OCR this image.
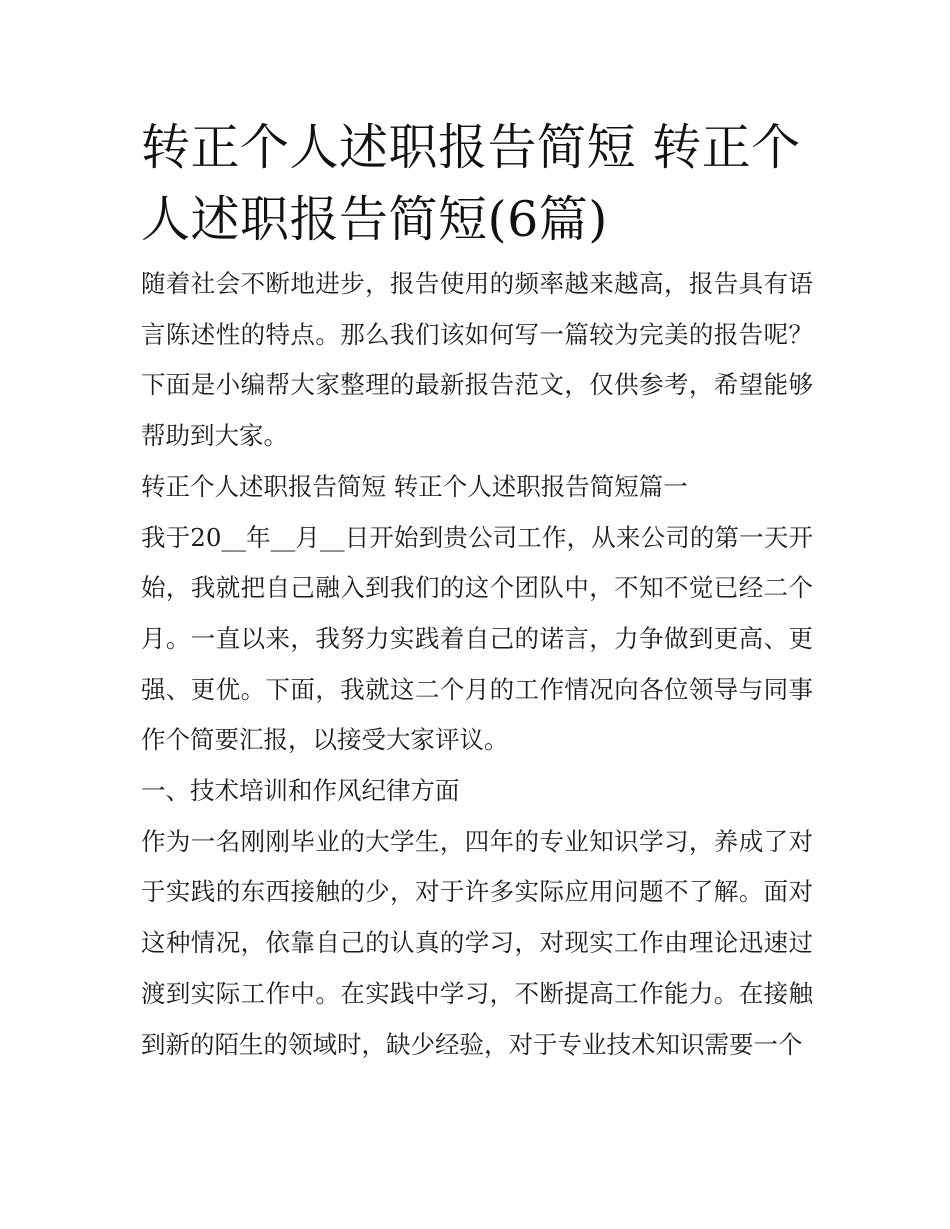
转正个人述职报告简短 转正个人述职报告简短(6篇)

随着社会不断地进步，报告使用的频率越来越高，报告具有语言陈述性的特点。那么我们该如何写一篇较为完美的报告呢？下面是小编帮大家整理的最新报告范文，仅供参考，希望能够帮助到大家。

转正个人述职报告简短 转正个人述职报告简短篇一

我于20__年__月__日开始到贵公司工作，从来公司的第一天开始，我就把自己融入到我们的这个团队中，不知不觉已经二个月。一直以来，我努力实践着自己的诺言，力争做到更高、更强、更优。下面，我就这二个月的工作情况向各位领导与同事作个简要汇报，以接受大家评议。

一、技术培训和作风纪律方面

作为一名刚刚毕业的大学生，四年的专业知识学习，养成了对于实践的东西接触的少，对于许多实际应用问题不了解。面对这种情况，依靠自己的认真的学习，对现实工作由理论迅速过渡到实际工作中。在实践中学习，不断提高工作能力。在接触到新的陌生的领域时，缺少经验，对于专业技术知识需要一个
